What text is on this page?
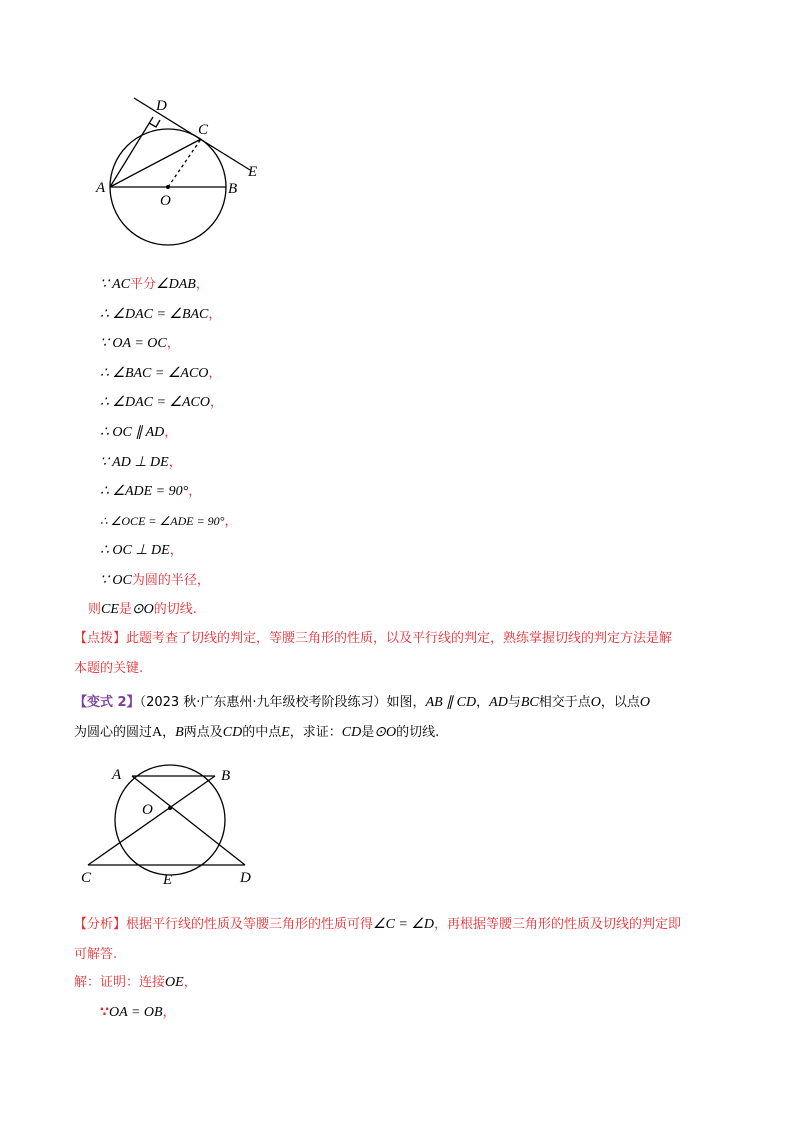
D
C
E
A
O
B
∵ AC平分∠DAB，
∴ ∠DAC = ∠BAC，
∵ OA = OC，
∴ ∠BAC = ∠ACO，
∴ ∠DAC = ∠ACO，
∴ OC ∥ AD，
∵ AD ⊥ DE，
∴ ∠ADE = 90°，
∴ ∠OCE = ∠ADE = 90°，
∴ OC ⊥ DE，
∵ OC为圆的半径，
则CE是⊙O的切线.
【点拨】此题考查了切线的判定，等腰三角形的性质，以及平行线的判定，熟练掌握切线的判定方法是解
本题的关键.
【变式 2】（2023 秋·广东惠州·九年级校考阶段练习）如图，AB ∥ CD，AD与BC相交于点O，以点O
为圆心的圆过A，B两点及CD的中点E，求证：CD是⊙O的切线.
A	B
O
C	E	D
【分析】根据平行线的性质及等腰三角形的性质可得∠C = ∠D，再根据等腰三角形的性质及切线的判定即
可解答.
解：证明：连接OE，
∵OA = OB，
